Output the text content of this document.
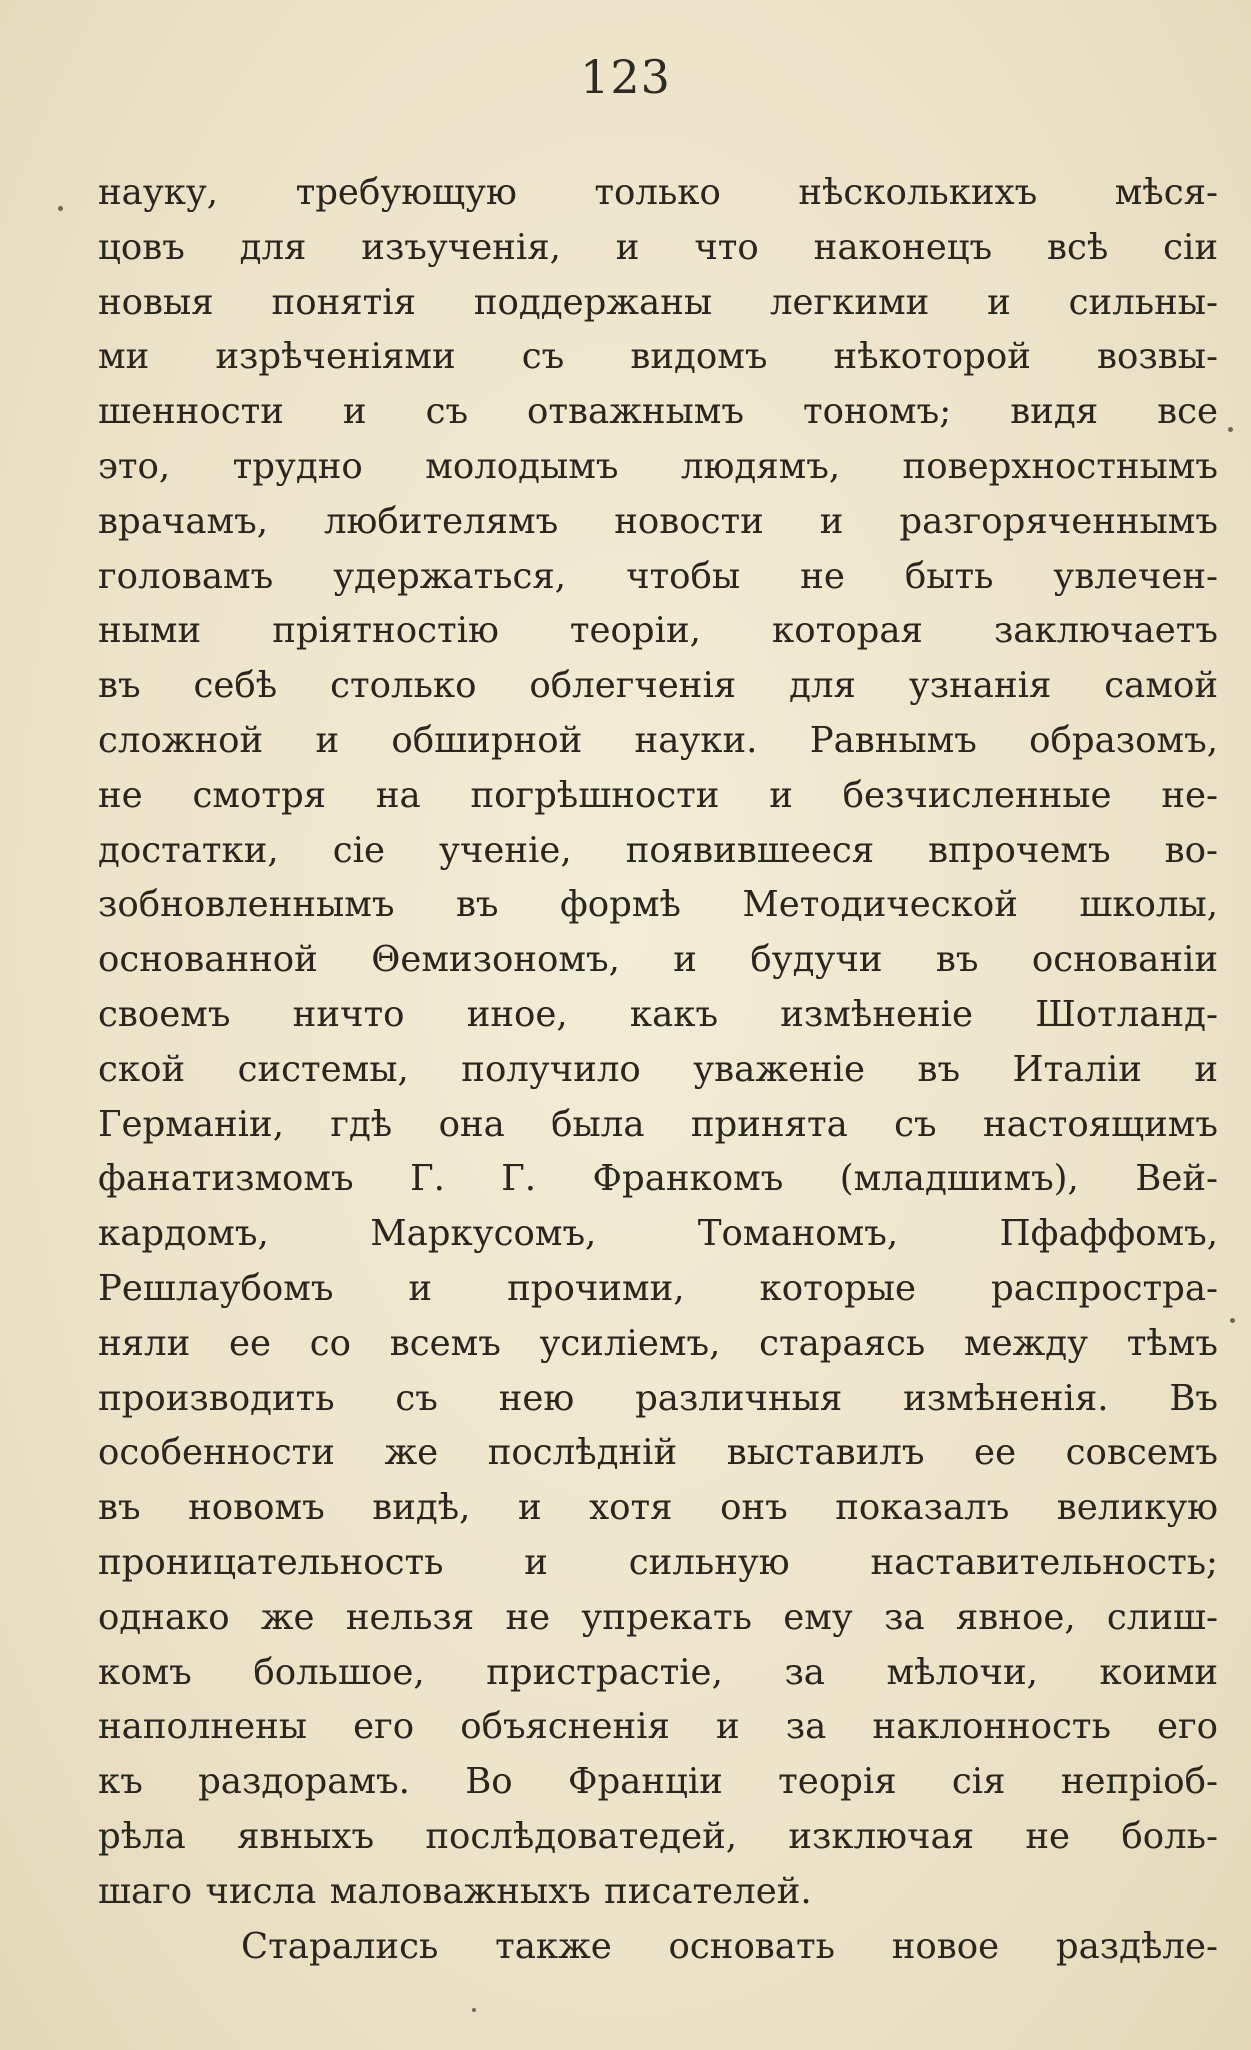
123
науку, требующую только нѣсколькихъ мѣся-
цовъ для изъученія, и что наконецъ всѣ сіи
новыя понятія поддержаны легкими и сильны-
ми изрѣченіями съ видомъ нѣкоторой возвы-
шенности и съ отважнымъ тономъ; видя все
это, трудно молодымъ людямъ, поверхностнымъ
врачамъ, любителямъ новости и разгоряченнымъ
головамъ удержаться, чтобы не быть увлечен-
ными пріятностію теоріи, которая заключаетъ
въ себѣ столько облегченія для узнанія самой
сложной и обширной науки. Равнымъ образомъ,
не смотря на погрѣшности и безчисленные не-
достатки, сіе ученіе, появившееся впрочемъ во-
зобновленнымъ въ формѣ Методической школы,
основанной Θемизономъ, и будучи въ основаніи
своемъ ничто иное, какъ измѣненіе Шотланд-
ской системы, получило уваженіе въ Италіи и
Германіи, гдѣ она была принята съ настоящимъ
фанатизмомъ Г. Г. Франкомъ (младшимъ), Вей-
кардомъ, Маркусомъ, Томаномъ, Пфаффомъ,
Решлаубомъ и прочими, которые распростра-
няли ее со всемъ усиліемъ, стараясь между тѣмъ
производить съ нею различныя измѣненія. Въ
особенности же послѣдній выставилъ ее совсемъ
въ новомъ видѣ, и хотя онъ показалъ великую
проницательность и сильную наставительность;
однако же нельзя не упрекать ему за явное, слиш-
комъ большое, пристрастіе, за мѣлочи, коими
наполнены его объясненія и за наклонность его
къ раздорамъ. Во Франціи теорія сія непріоб-
рѣла явныхъ послѣдоватедей, изключая не боль-
шаго числа маловажныхъ писателей.
Старались также основать новое раздѣле-
